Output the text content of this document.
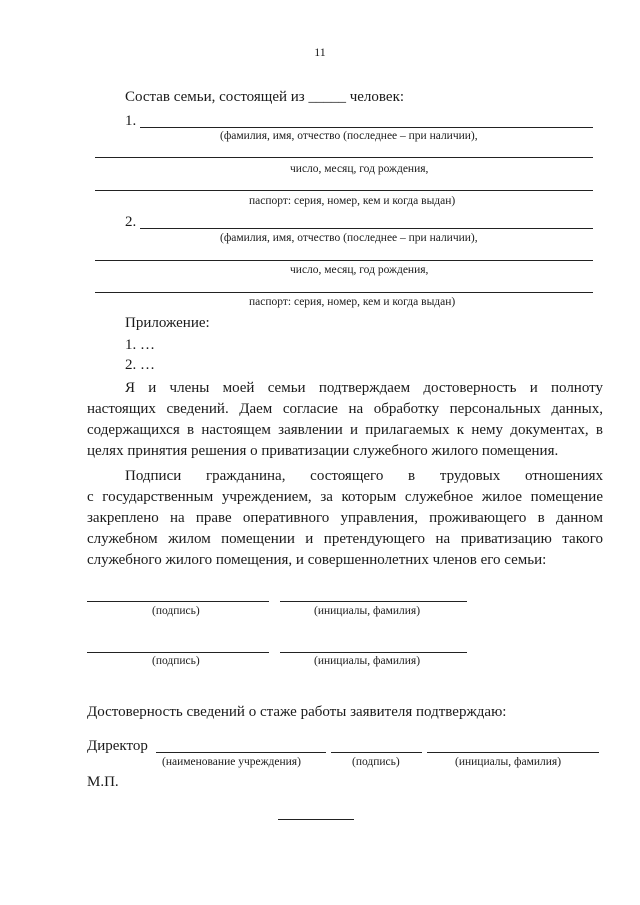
11
Состав семьи, состоящей из _____ человек:
1.
(фамилия, имя, отчество (последнее – при наличии),
число, месяц, год рождения,
паспорт: серия, номер, кем и когда выдан)
2.
(фамилия, имя, отчество (последнее – при наличии),
число, месяц, год рождения,
паспорт: серия, номер, кем и когда выдан)
Приложение:
1. …
2. …
Я и члены моей семьи подтверждаем достоверность и полноту
настоящих сведений. Даем согласие на обработку персональных данных,
содержащихся в настоящем заявлении и прилагаемых к нему документах, в
целях принятия решения о приватизации служебного жилого помещения.
Подписи гражданина, состоящего в трудовых отношениях
с государственным учреждением, за которым служебное жилое помещение
закреплено на праве оперативного управления, проживающего в данном
служебном жилом помещении и претендующего на приватизацию такого
служебного жилого помещения, и совершеннолетних членов его семьи:
(подпись)	(инициалы, фамилия)
(подпись)	(инициалы, фамилия)
Достоверность сведений о стаже работы заявителя подтверждаю:
Директор
(наименование учреждения)	(подпись)	(инициалы, фамилия)
М.П.
